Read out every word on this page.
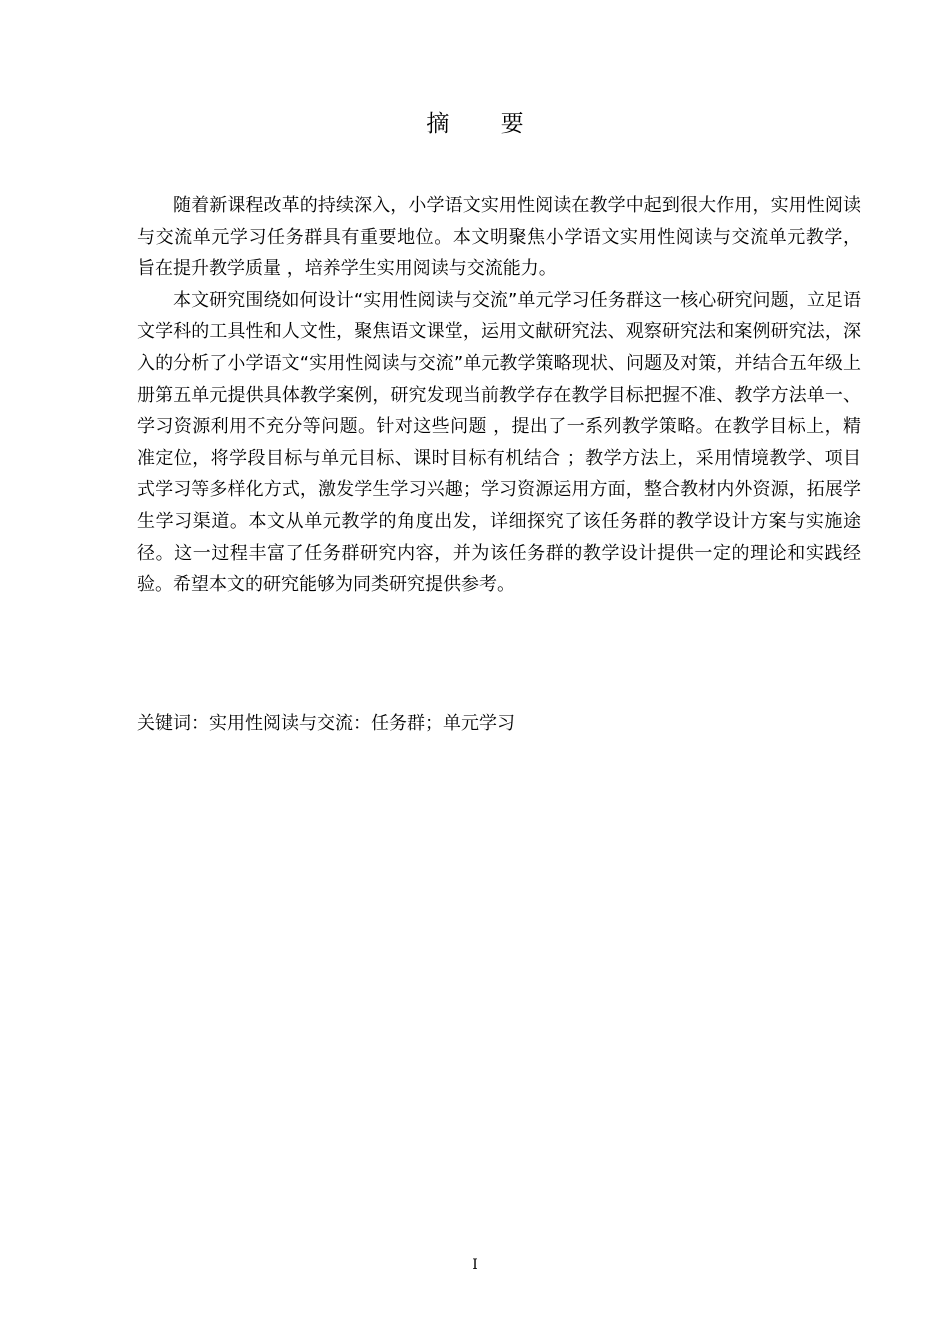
摘 要

随着新课程改革的持续深入，小学语文实用性阅读在教学中起到很大作用，实用性阅读与交流单元学习任务群具有重要地位。本文明聚焦小学语文实用性阅读与交流单元教学， 旨在提升教学质量 ，培养学生实用阅读与交流能力。

本文研究围绕如何设计“实用性阅读与交流”单元学习任务群这一核心研究问题，立足语文学科的工具性和人文性，聚焦语文课堂，运用文献研究法、观察研究法和案例研究法，深入的分析了小学语文“实用性阅读与交流”单元教学策略现状、问题及对策，并结合五年级上册第五单元提供具体教学案例，研究发现当前教学存在教学目标把握不准、教学方法单一、学习资源利用不充分等问题。针对这些问题 ，提出了一系列教学策略。在教学目标上，精准定位，将学段目标与单元目标、课时目标有机结合 ；教学方法上，采用情境教学、项目式学习等多样化方式，激发学生学习兴趣；学习资源运用方面，整合教材内外资源，拓展学生学习渠道。本文从单元教学的角度出发，详细探究了该任务群的教学设计方案与实施途径。这一过程丰富了任务群研究内容，并为该任务群的教学设计提供一定的理论和实践经验。希望本文的研究能够为同类研究提供参考。

关键词：实用性阅读与交流：任务群；单元学习
I
